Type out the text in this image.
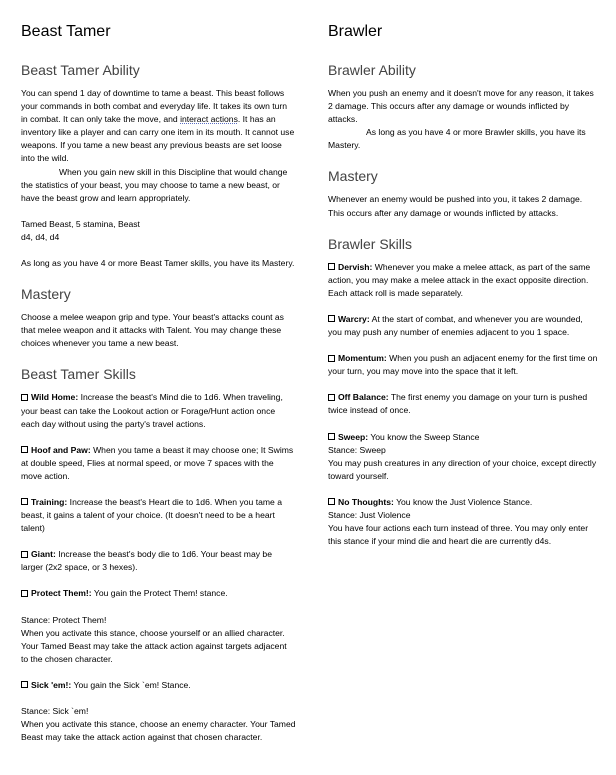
Beast Tamer
Beast Tamer Ability

You can spend 1 day of downtime to tame a beast. This beast follows your commands in both combat and everyday life. It takes its own turn in combat. It can only take the move, and interact actions. It has an inventory like a player and can carry one item in its mouth. It cannot use weapons. If you tame a new beast any previous beasts are set loose into the wild.

When you gain new skill in this Discipline that would change the statistics of your beast, you may choose to tame a new beast, or have the beast grow and learn appropriately.

Tamed Beast, 5 stamina, Beast
d4, d4, d4

As long as you have 4 or more Beast Tamer skills, you have its Mastery.

Mastery

Choose a melee weapon grip and type. Your beast's attacks count as that melee weapon and it attacks with Talent. You may change these choices whenever you tame a new beast.

Beast Tamer Skills

Wild Home: Increase the beast's Mind die to 1d6. When traveling, your beast can take the Lookout action or Forage/Hunt action once each day without using the party's travel actions.

Hoof and Paw: When you tame a beast it may choose one; It Swims at double speed, Flies at normal speed, or move 7 spaces with the move action.

Training: Increase the beast's Heart die to 1d6. When you tame a beast, it gains a talent of your choice. (It doesn't need to be a heart talent)

Giant: Increase the beast's body die to 1d6. Your beast may be larger (2x2 space, or 3 hexes).

Protect Them!: You gain the Protect Them! stance.

Stance: Protect Them!
When you activate this stance, choose yourself or an allied character. Your Tamed Beast may take the attack action against targets adjacent to the chosen character.

Sick 'em!: You gain the Sick `em! Stance.

Stance: Sick `em!
When you activate this stance, choose an enemy character. Your Tamed Beast may take the attack action against that chosen character.

Brawler
Brawler Ability

When you push an enemy and it doesn't move for any reason, it takes 2 damage. This occurs after any damage or wounds inflicted by attacks.

As long as you have 4 or more Brawler skills, you have its Mastery.

Mastery

Whenever an enemy would be pushed into you, it takes 2 damage. This occurs after any damage or wounds inflicted by attacks.

Brawler Skills

Dervish: Whenever you make a melee attack, as part of the same action, you may make a melee attack in the exact opposite direction. Each attack roll is made separately.

Warcry: At the start of combat, and whenever you are wounded, you may push any number of enemies adjacent to you 1 space.

Momentum: When you push an adjacent enemy for the first time on your turn, you may move into the space that it left.

Off Balance: The first enemy you damage on your turn is pushed twice instead of once.

Sweep: You know the Sweep Stance
Stance: Sweep
You may push creatures in any direction of your choice, except directly toward yourself.

No Thoughts: You know the Just Violence Stance.
Stance: Just Violence
You have four actions each turn instead of three. You may only enter this stance if your mind die and heart die are currently d4s.
